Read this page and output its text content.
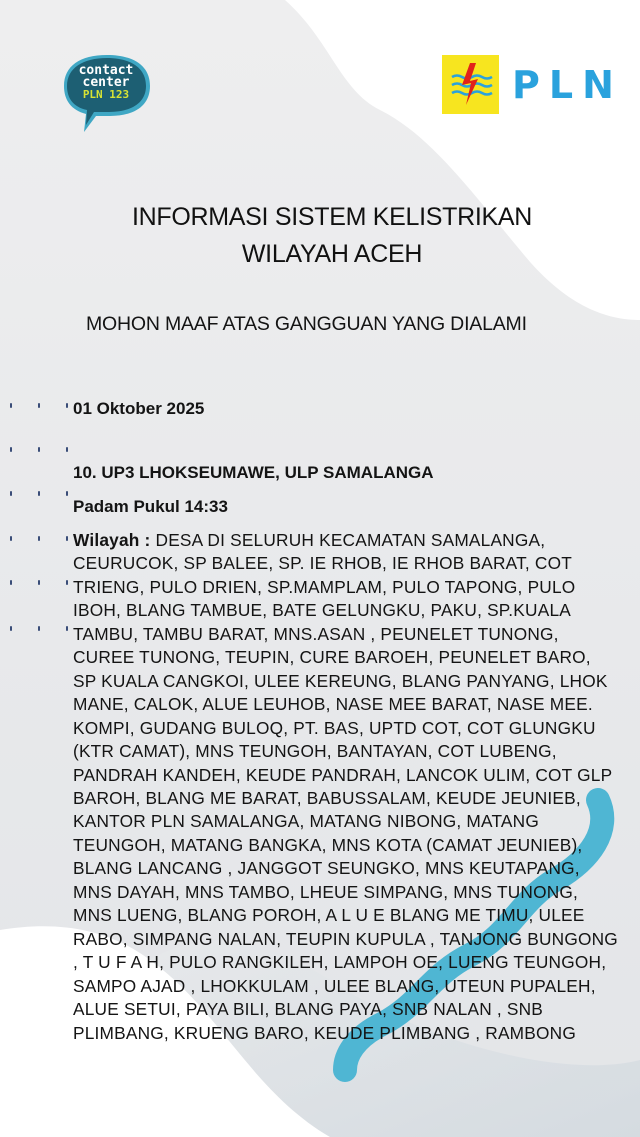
contact
center
PLN 123	PLN
INFORMASI SISTEM KELISTRIKAN
WILAYAH ACEH
MOHON MAAF ATAS GANGGUAN YANG DIALAMI
01 Oktober 2025
10. UP3 LHOKSEUMAWE, ULP SAMALANGA
Padam Pukul 14:33
Wilayah : DESA DI SELURUH KECAMATAN SAMALANGA, CEURUCOK, SP BALEE, SP. IE RHOB, IE RHOB BARAT, COT TRIENG, PULO DRIEN, SP.MAMPLAM, PULO TAPONG, PULO IBOH, BLANG TAMBUE, BATE GELUNGKU, PAKU, SP.KUALA TAMBU, TAMBU BARAT, MNS.ASAN , PEUNELET TUNONG, CUREE TUNONG, TEUPIN, CURE BAROEH, PEUNELET BARO, SP KUALA CANGKOI, ULEE KEREUNG, BLANG PANYANG, LHOK MANE, CALOK, ALUE LEUHOB, NASE MEE BARAT, NASE MEE. KOMPI, GUDANG BULOQ, PT. BAS, UPTD COT, COT GLUNGKU (KTR CAMAT), MNS TEUNGOH, BANTAYAN, COT LUBENG, PANDRAH KANDEH, KEUDE PANDRAH, LANCOK ULIM, COT GLP BAROH, BLANG ME BARAT, BABUSSALAM, KEUDE JEUNIEB, KANTOR PLN SAMALANGA, MATANG NIBONG, MATANG TEUNGOH, MATANG BANGKA, MNS KOTA (CAMAT JEUNIEB), BLANG LANCANG , JANGGOT SEUNGKO, MNS KEUTAPANG, MNS DAYAH, MNS TAMBO, LHEUE SIMPANG, MNS TUNONG, MNS LUENG, BLANG POROH, A L U E BLANG ME TIMU, ULEE RABO, SIMPANG NALAN, TEUPIN KUPULA , TANJONG BUNGONG , T U F A H, PULO RANGKILEH, LAMPOH OE, LUENG TEUNGOH, SAMPO AJAD , LHOKKULAM , ULEE BLANG, UTEUN PUPALEH, ALUE SETUI, PAYA BILI, BLANG PAYA, SNB NALAN , SNB PLIMBANG, KRUENG BARO, KEUDE PLIMBANG , RAMBONG
